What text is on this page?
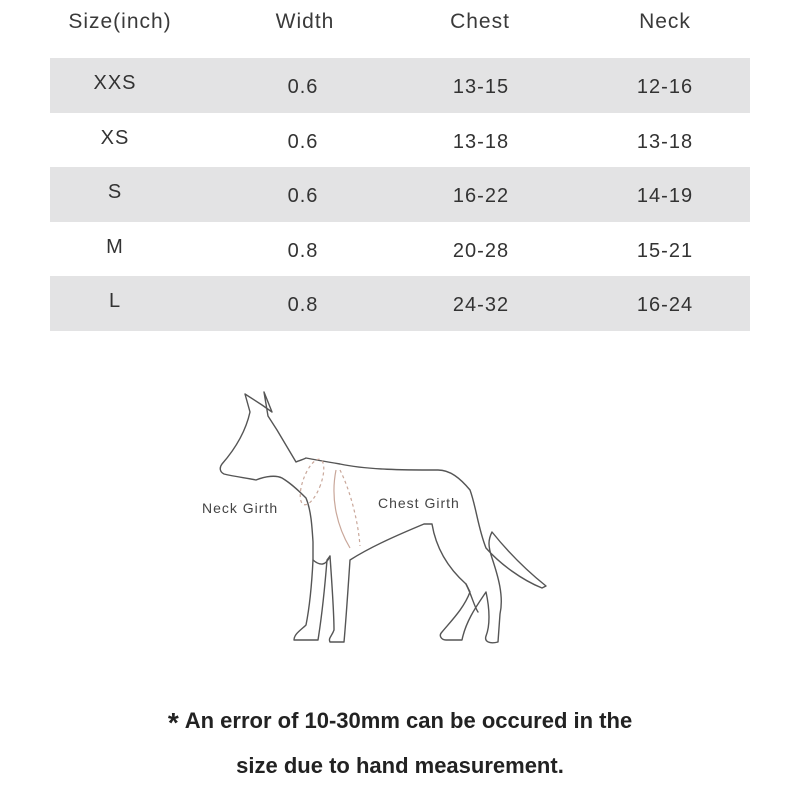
Size(inch)	Width	Chest	Neck
XXS	0.6	13-15	12-16
XS	0.6	13-18	13-18
S	0.6	16-22	14-19
M	0.8	20-28	15-21
L	0.8	24-32	16-24
Neck Girth	Chest Girth
* An error of 10-30mm can be occured in the
size due to hand measurement.
